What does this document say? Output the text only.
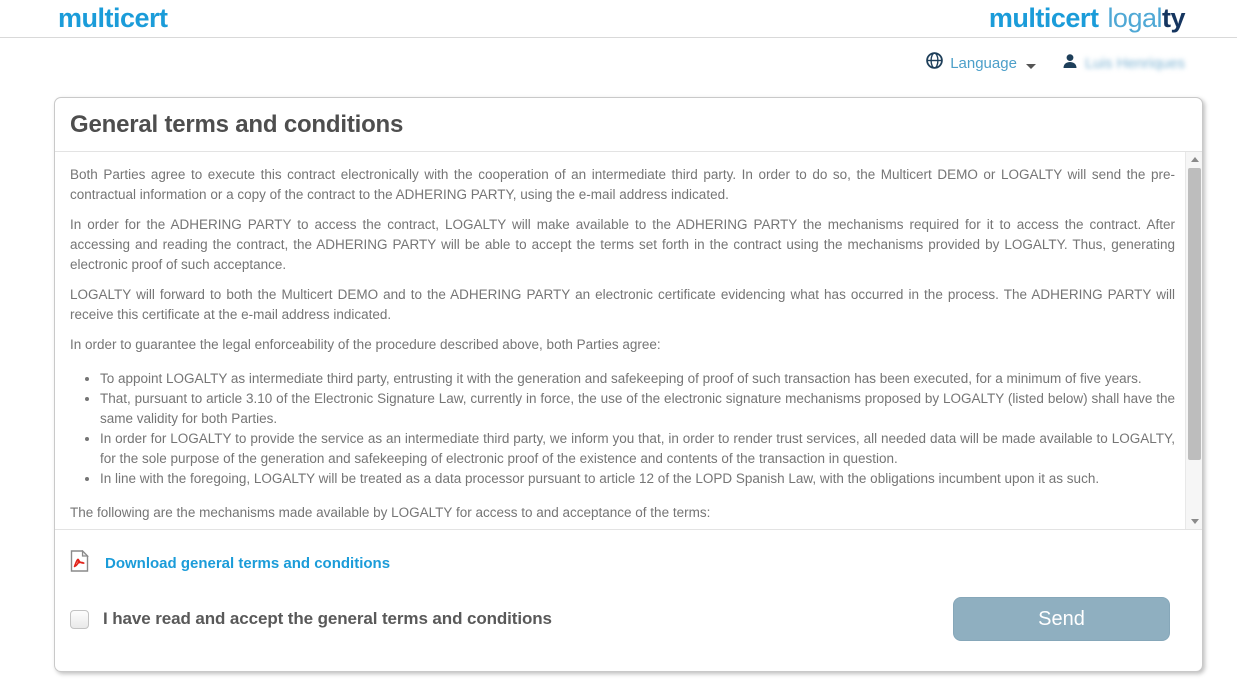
multicert	multicert logalty
Language	Luis Henriques
General terms and conditions

Both Parties agree to execute this contract electronically with the cooperation of an intermediate third party. In order to do so, the Multicert DEMO or LOGALTY will send the pre-contractual information or a copy of the contract to the ADHERING PARTY, using the e-mail address indicated.

In order for the ADHERING PARTY to access the contract, LOGALTY will make available to the ADHERING PARTY the mechanisms required for it to access the contract. After accessing and reading the contract, the ADHERING PARTY will be able to accept the terms set forth in the contract using the mechanisms provided by LOGALTY. Thus, generating electronic proof of such acceptance.

LOGALTY will forward to both the Multicert DEMO and to the ADHERING PARTY an electronic certificate evidencing what has occurred in the process. The ADHERING PARTY will receive this certificate at the e-mail address indicated.

In order to guarantee the legal enforceability of the procedure described above, both Parties agree:

• To appoint LOGALTY as intermediate third party, entrusting it with the generation and safekeeping of proof of such transaction has been executed, for a minimum of five years.
• That, pursuant to article 3.10 of the Electronic Signature Law, currently in force, the use of the electronic signature mechanisms proposed by LOGALTY (listed below) shall have the same validity for both Parties.
• In order for LOGALTY to provide the service as an intermediate third party, we inform you that, in order to render trust services, all needed data will be made available to LOGALTY, for the sole purpose of the generation and safekeeping of electronic proof of the existence and contents of the transaction in question.
• In line with the foregoing, LOGALTY will be treated as a data processor pursuant to article 12 of the LOPD Spanish Law, with the obligations incumbent upon it as such.

The following are the mechanisms made available by LOGALTY for access to and acceptance of the terms:

Download general terms and conditions
I have read and accept the general terms and conditions	Send
